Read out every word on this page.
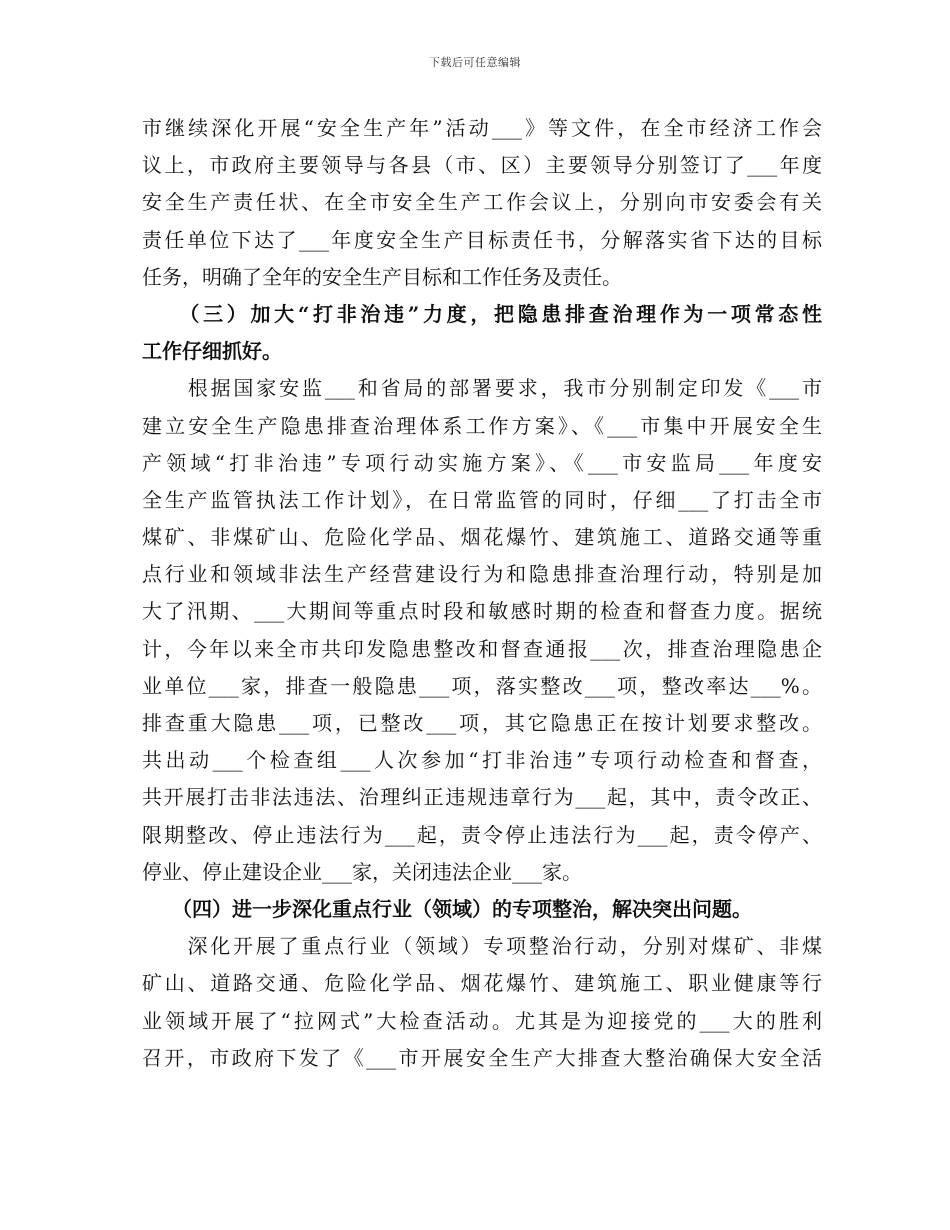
下载后可任意编辑
市继续深化开展“安全生产年”活动___》等文件，在全市经济工作会
议上，市政府主要领导与各县（市、区）主要领导分别签订了___年度
安全生产责任状、在全市安全生产工作会议上，分别向市安委会有关
责任单位下达了___年度安全生产目标责任书，分解落实省下达的目标
任务，明确了全年的安全生产目标和工作任务及责任。
　　（三）加大“打非治违”力度，把隐患排查治理作为一项常态性
工作仔细抓好。
　　根据国家安监___和省局的部署要求，我市分别制定印发《___市
建立安全生产隐患排查治理体系工作方案》、《___市集中开展安全生
产领域“打非治违”专项行动实施方案》、《___市安监局___年度安
全生产监管执法工作计划》，在日常监管的同时，仔细___了打击全市
煤矿、非煤矿山、危险化学品、烟花爆竹、建筑施工、道路交通等重
点行业和领域非法生产经营建设行为和隐患排查治理行动，特别是加
大了汛期、___大期间等重点时段和敏感时期的检查和督查力度。据统
计，今年以来全市共印发隐患整改和督查通报___次，排查治理隐患企
业单位___家，排查一般隐患___项，落实整改___项，整改率达___%。
排查重大隐患___项，已整改___项，其它隐患正在按计划要求整改。
共出动___个检查组___人次参加“打非治违”专项行动检查和督查，
共开展打击非法违法、治理纠正违规违章行为___起，其中，责令改正、
限期整改、停止违法行为___起，责令停止违法行为___起，责令停产、
停业、停止建设企业___家，关闭违法企业___家。
　　（四）进一步深化重点行业（领域）的专项整治，解决突出问题。
　　深化开展了重点行业（领域）专项整治行动，分别对煤矿、非煤
矿山、道路交通、危险化学品、烟花爆竹、建筑施工、职业健康等行
业领域开展了“拉网式”大检查活动。尤其是为迎接党的___大的胜利
召开，市政府下发了《___市开展安全生产大排查大整治确保大安全活
